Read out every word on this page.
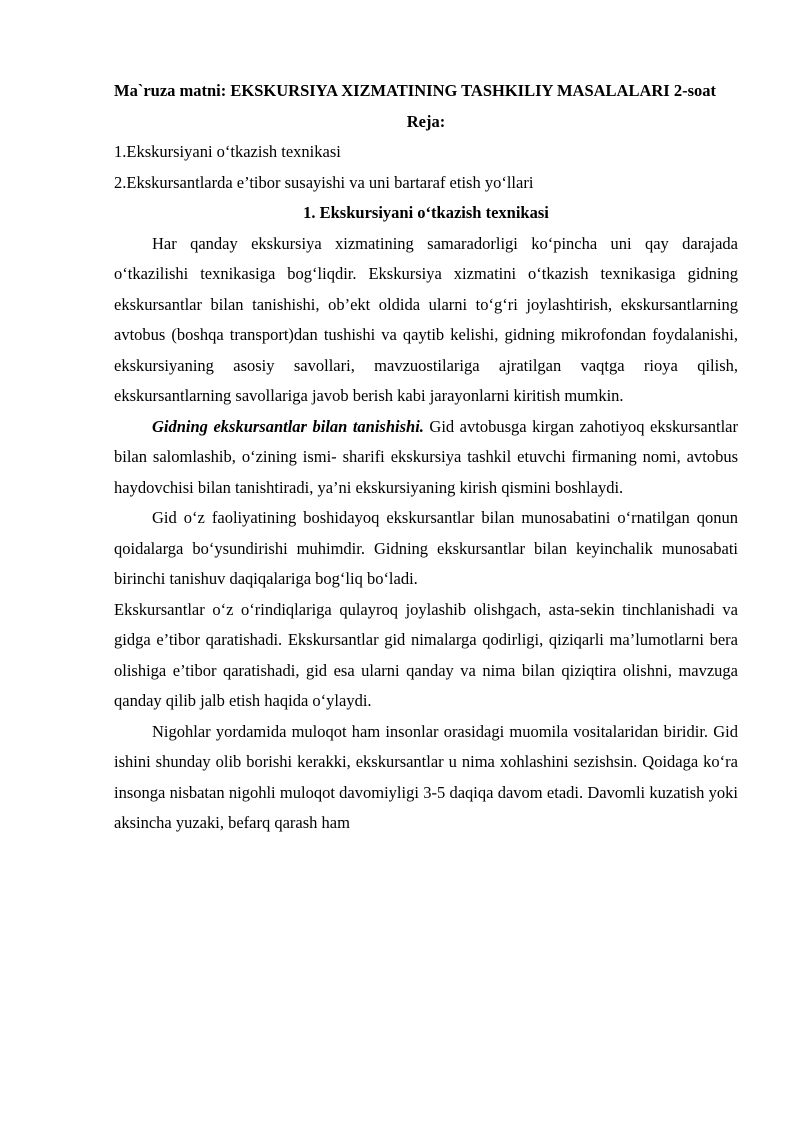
Ma`ruza matni: EKSKURSIYA XIZMATINING TASHKILIY MASALALARI 2-soat

Reja:

1.Ekskursiyani o‘tkazish texnikasi

2.Ekskursantlarda e’tibor susayishi va uni bartaraf etish yo‘llari

1. Ekskursiyani o‘tkazish texnikasi

Har qanday ekskursiya xizmatining samaradorligi ko‘pincha uni qay darajada o‘tkazilishi texnikasiga bog‘liqdir. Ekskursiya xizmatini o‘tkazish texnikasiga gidning ekskursantlar bilan tanishishi, ob’ekt oldida ularni to‘g‘ri joylashtirish, ekskursantlarning avtobus (boshqa transport)dan tushishi va qaytib kelishi, gidning mikrofondan foydalanishi, ekskursiyaning asosiy savollari, mavzuostilariga ajratilgan vaqtga rioya qilish, ekskursantlarning savollariga javob berish kabi jarayonlarni kiritish mumkin.

Gidning ekskursantlar bilan tanishishi. Gid avtobusga kirgan zahotiyoq ekskursantlar bilan salomlashib, o‘zining ismi- sharifi ekskursiya tashkil etuvchi firmaning nomi, avtobus haydovchisi bilan tanishtiradi, ya’ni ekskursiyaning kirish qismini boshlaydi.

Gid o‘z faoliyatining boshidayoq ekskursantlar bilan munosabatini o‘rnatilgan qonun qoidalarga bo‘ysundirishi muhimdir. Gidning ekskursantlar bilan keyinchalik munosabati birinchi tanishuv daqiqalariga bog‘liq bo‘ladi.

Ekskursantlar o‘z o‘rindiqlariga qulayroq joylashib olishgach, asta-sekin tinchlanishadi va gidga e’tibor qaratishadi. Ekskursantlar gid nimalarga qodirligi, qiziqarli ma’lumotlarni bera olishiga e’tibor qaratishadi, gid esa ularni qanday va nima bilan qiziqtira olishni, mavzuga qanday qilib jalb etish haqida o‘ylaydi.

Nigohlar yordamida muloqot ham insonlar orasidagi muomila vositalaridan biridir. Gid ishini shunday olib borishi kerakki, ekskursantlar u nima xohlashini sezishsin. Qoidaga ko‘ra insonga nisbatan nigohli muloqot davomiyligi 3-5 daqiqa davom etadi. Davomli kuzatish yoki aksincha yuzaki, befarq qarash ham
